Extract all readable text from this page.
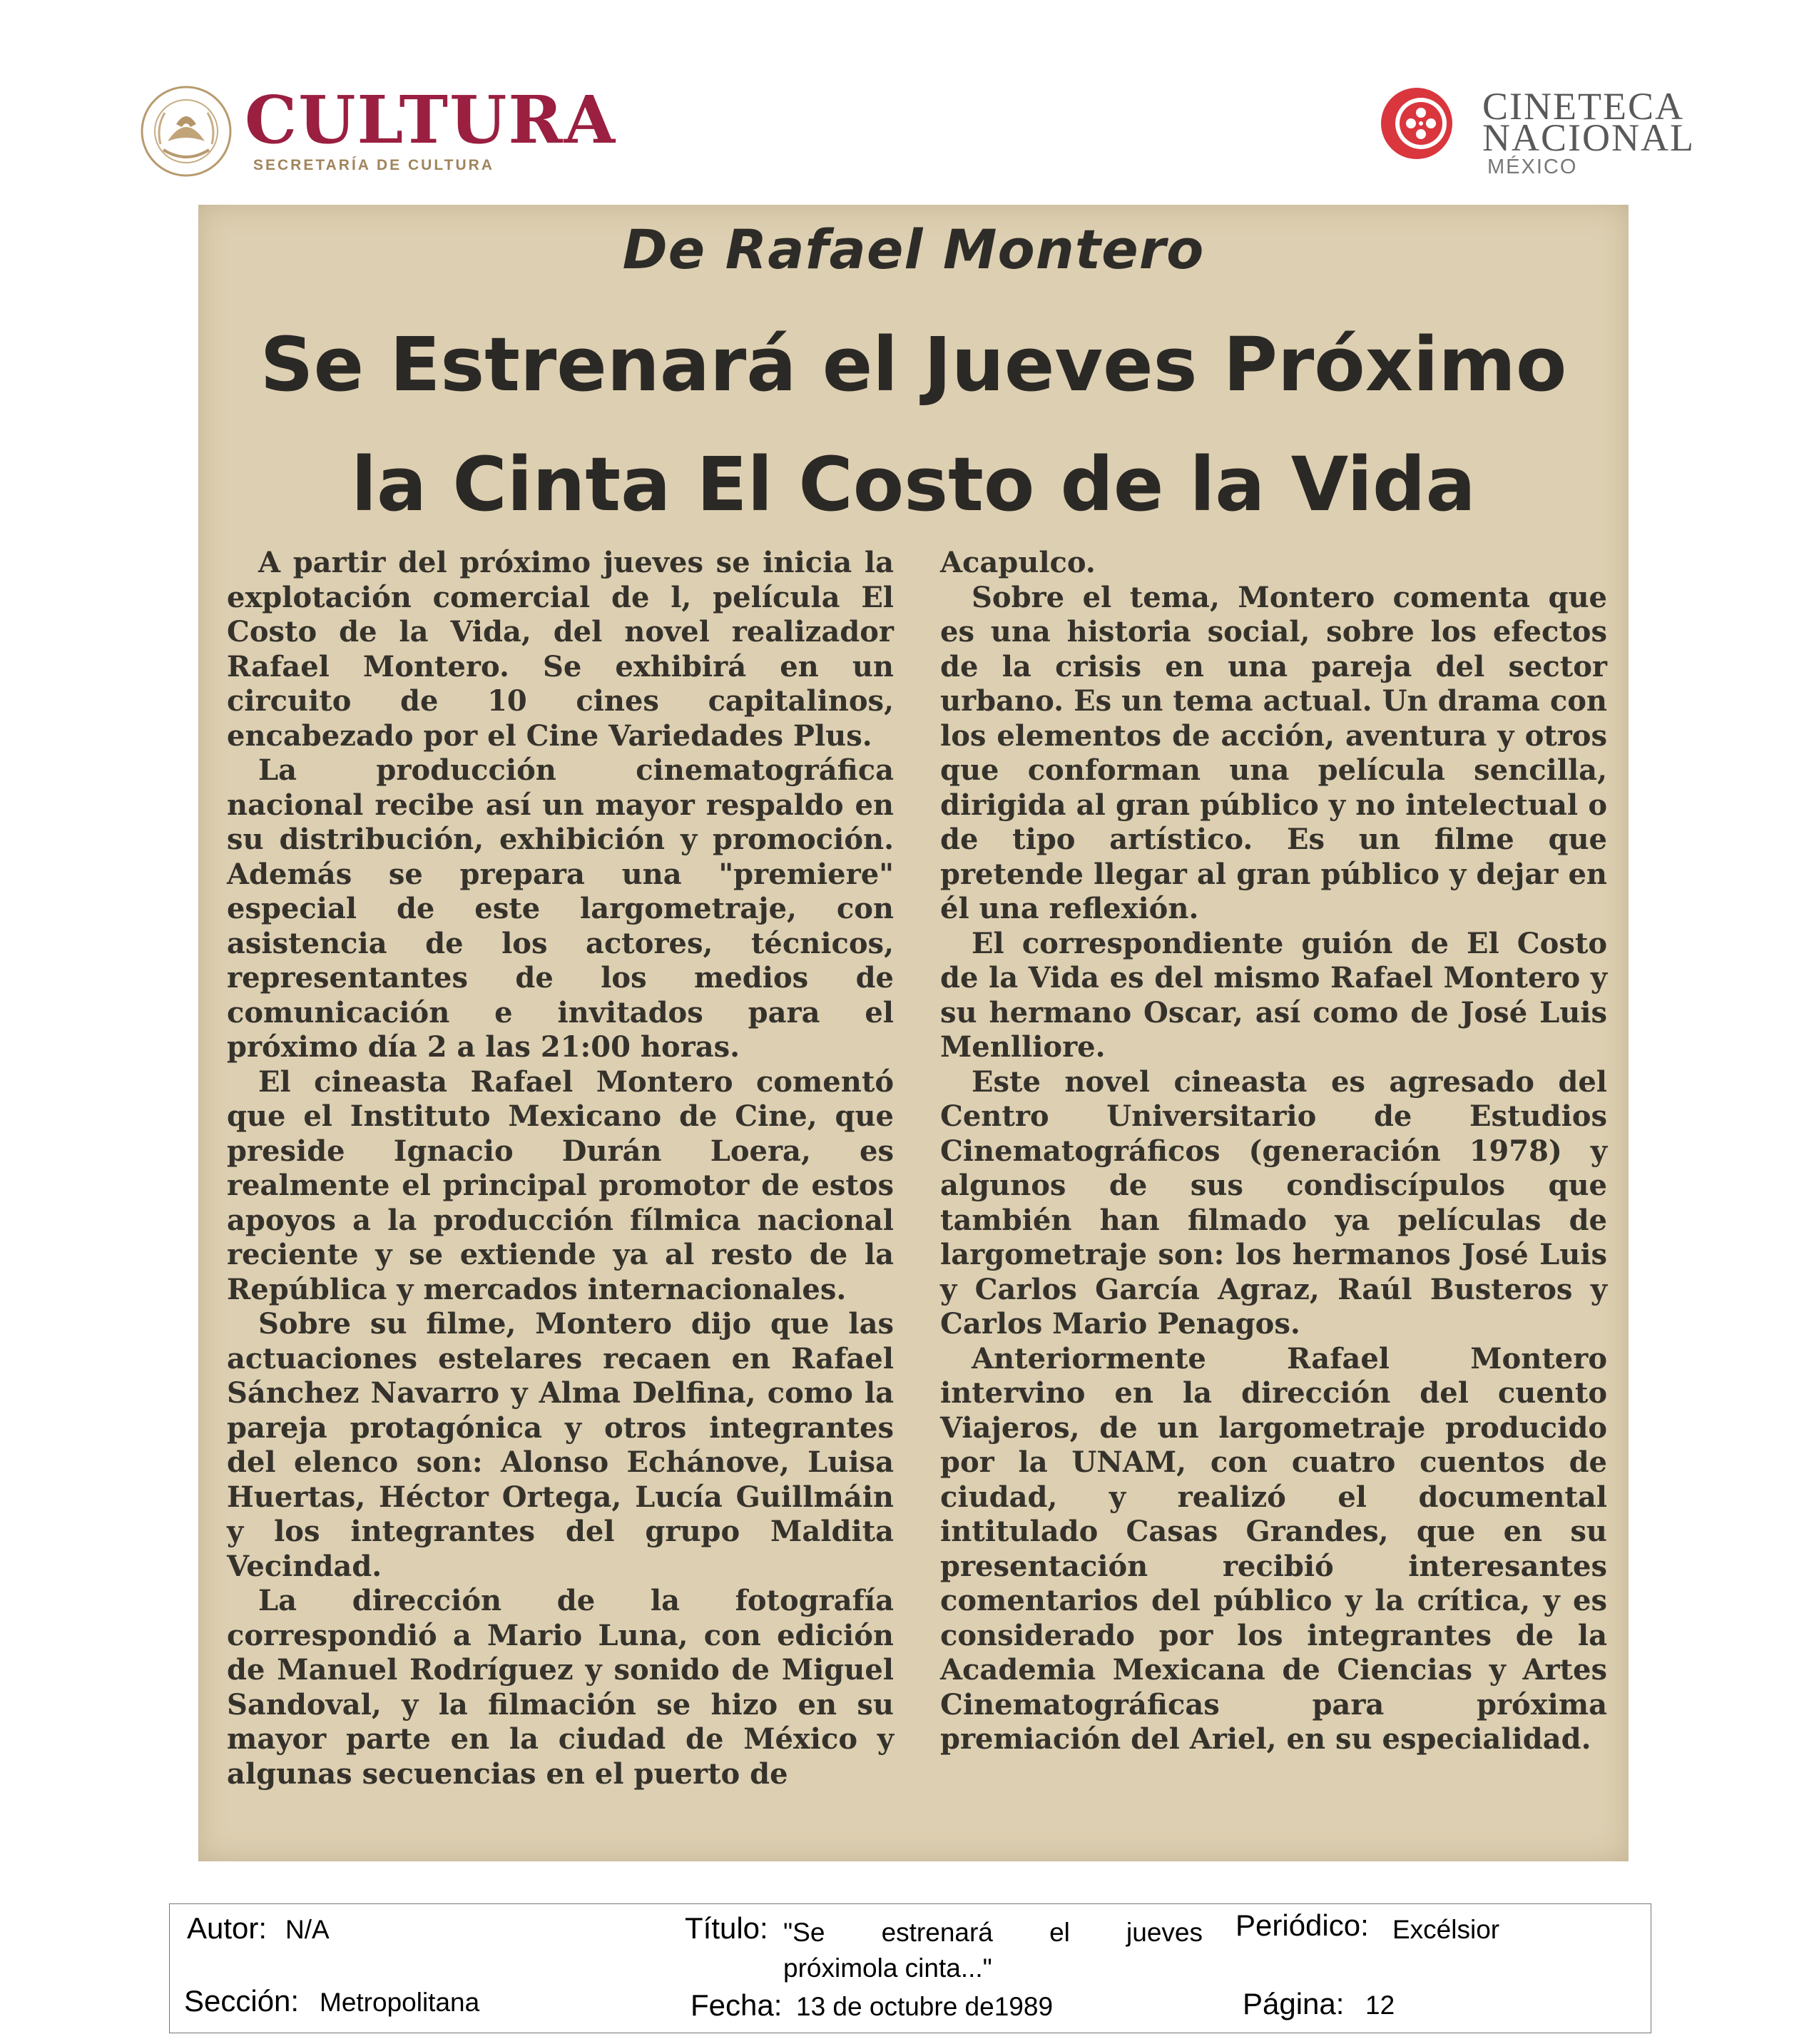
CULTURA
SECRETARÍA DE CULTURA
CINETECA
NACIONAL
MÉXICO
De Rafael Montero
Se Estrenará el Jueves Próximo
la Cinta El Costo de la Vida

A partir del próximo jueves se inicia la explotación comercial de l, película El Costo de la Vida, del novel realizador Rafael Montero. Se exhibirá en un circuito de 10 cines capitalinos, encabezado por el Cine Variedades Plus.

La producción cinematográfica nacional recibe así un mayor respaldo en su distribución, exhibición y promoción. Además se prepara una "premiere" especial de este largometraje, con asistencia de los actores, técnicos, representantes de los medios de comunicación e invitados para el próximo día 2 a las 21:00 horas.

El cineasta Rafael Montero comentó que el Instituto Mexicano de Cine, que preside Ignacio Durán Loera, es realmente el principal promotor de estos apoyos a la producción fílmica nacional reciente y se extiende ya al resto de la República y mercados internacionales.

Sobre su filme, Montero dijo que las actuaciones estelares recaen en Rafael Sánchez Navarro y Alma Delfina, como la pareja protagónica y otros integrantes del elenco son: Alonso Echánove, Luisa Huertas, Héctor Ortega, Lucía Guillmáin y los integrantes del grupo Maldita Vecindad.

La dirección de la fotografía correspondió a Mario Luna, con edición de Manuel Rodríguez y sonido de Miguel Sandoval, y la filmación se hizo en su mayor parte en la ciudad de México y algunas secuencias en el puerto de

Acapulco.

Sobre el tema, Montero comenta que es una historia social, sobre los efectos de la crisis en una pareja del sector urbano. Es un tema actual. Un drama con los elementos de acción, aventura y otros que conforman una película sencilla, dirigida al gran público y no intelectual o de tipo artístico. Es un filme que pretende llegar al gran público y dejar en él una reflexión.

El correspondiente guión de El Costo de la Vida es del mismo Rafael Montero y su hermano Oscar, así como de José Luis Menlliore.

Este novel cineasta es agresado del Centro Universitario de Estudios Cinematográficos (generación 1978) y algunos de sus condiscípulos que también han filmado ya películas de largometraje son: los hermanos José Luis y Carlos García Agraz, Raúl Busteros y Carlos Mario Penagos.

Anteriormente Rafael Montero intervino en la dirección del cuento Viajeros, de un largometraje producido por la UNAM, con cuatro cuentos de ciudad, y realizó el documental intitulado Casas Grandes, que en su presentación recibió interesantes comentarios del público y la crítica, y es considerado por los integrantes de la Academia Mexicana de Ciencias y Artes Cinematográficas para próxima premiación del Ariel, en su especialidad.

Autor: N/A	Título: "Se estrenará el jueves
próximola cinta..."
Periódico: Excélsior
Sección: Metropolitana	Fecha: 13 de octubre de1989	Página: 12
